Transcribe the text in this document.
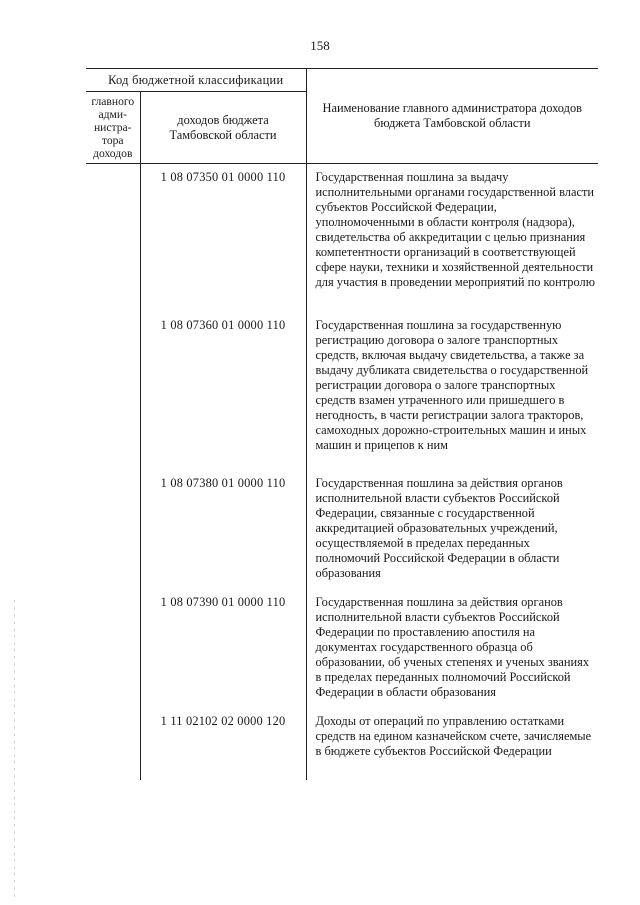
158
Код бюджетной классификации		Наименование главного администратора доходов бюджета Тамбовской области
главного
адми-
нистра-
тора
доходов	доходов бюджета Тамбовской области	
	1 08 07350 01 0000 110	Государственная пошлина за выдачу исполнительными органами государственной власти субъектов Российской Федерации, уполномоченными в области контроля (надзора), свидетельства об аккредитации с целью признания компетентности организаций в соответствующей сфере науки, техники и хозяйственной деятельности для участия в проведении мероприятий по контролю
	1 08 07360 01 0000 110	Государственная пошлина за государственную регистрацию договора о залоге транспортных средств, включая выдачу свидетельства, а также за выдачу дубликата свидетельства о государственной регистрации договора о залоге транспортных средств взамен утраченного или пришедшего в негодность, в части регистрации залога тракторов, самоходных дорожно-строительных машин и иных машин и прицепов к ним
	1 08 07380 01 0000 110	Государственная пошлина за действия органов исполнительной власти субъектов Российской Федерации, связанные с государственной аккредитацией образовательных учреждений, осуществляемой в пределах переданных полномочий Российской Федерации в области образования
	1 08 07390 01 0000 110	Государственная пошлина за действия органов исполнительной власти субъектов Российской Федерации по проставлению апостиля на документах государственного образца об образовании, об ученых степенях и ученых званиях в пределах переданных полномочий Российской Федерации в области образования
	1 11 02102 02 0000 120	Доходы от операций по управлению остатками средств на едином казначейском счете, зачисляемые в бюджете субъектов Российской Федерации
